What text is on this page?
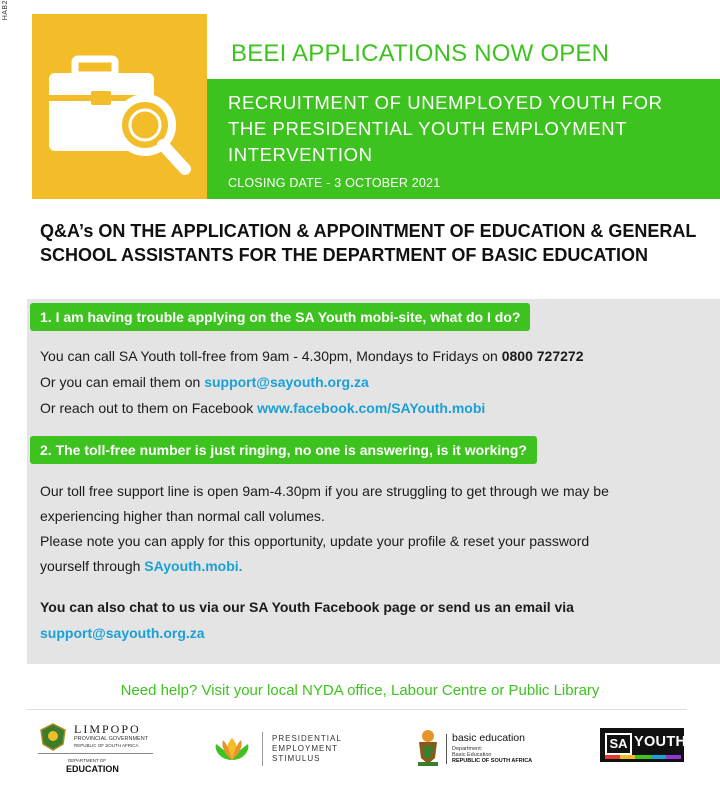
HAB2
BEEI APPLICATIONS NOW OPEN
RECRUITMENT OF UNEMPLOYED YOUTH FOR
THE PRESIDENTIAL YOUTH EMPLOYMENT
INTERVENTION
CLOSING DATE - 3 OCTOBER 2021
Q&A’s ON THE APPLICATION & APPOINTMENT OF EDUCATION & GENERAL SCHOOL ASSISTANTS FOR THE DEPARTMENT OF BASIC EDUCATION
1. I am having trouble applying on the SA Youth mobi-site, what do I do?
You can call SA Youth toll-free from 9am - 4.30pm, Mondays to Fridays on 0800 727272
Or you can email them on support@sayouth.org.za
Or reach out to them on Facebook www.facebook.com/SAYouth.mobi
2. The toll-free number is just ringing, no one is answering, is it working?
Our toll free support line is open 9am-4.30pm if you are struggling to get through we may be
experiencing higher than normal call volumes.
Please note you can apply for this opportunity, update your profile & reset your password
yourself through SAyouth.mobi.
You can also chat to us via our SA Youth Facebook page or send us an email via
support@sayouth.org.za
Need help? Visit your local NYDA office, Labour Centre or Public Library
LIMPOPO
PROVINCIAL GOVERNMENT
REPUBLIC OF SOUTH AFRICA
DEPARTMENT OF
EDUCATION
PRESIDENTIAL
EMPLOYMENT
STIMULUS
basic education
Department:
Basic Education
REPUBLIC OF SOUTH AFRICA
SA YOUTH
